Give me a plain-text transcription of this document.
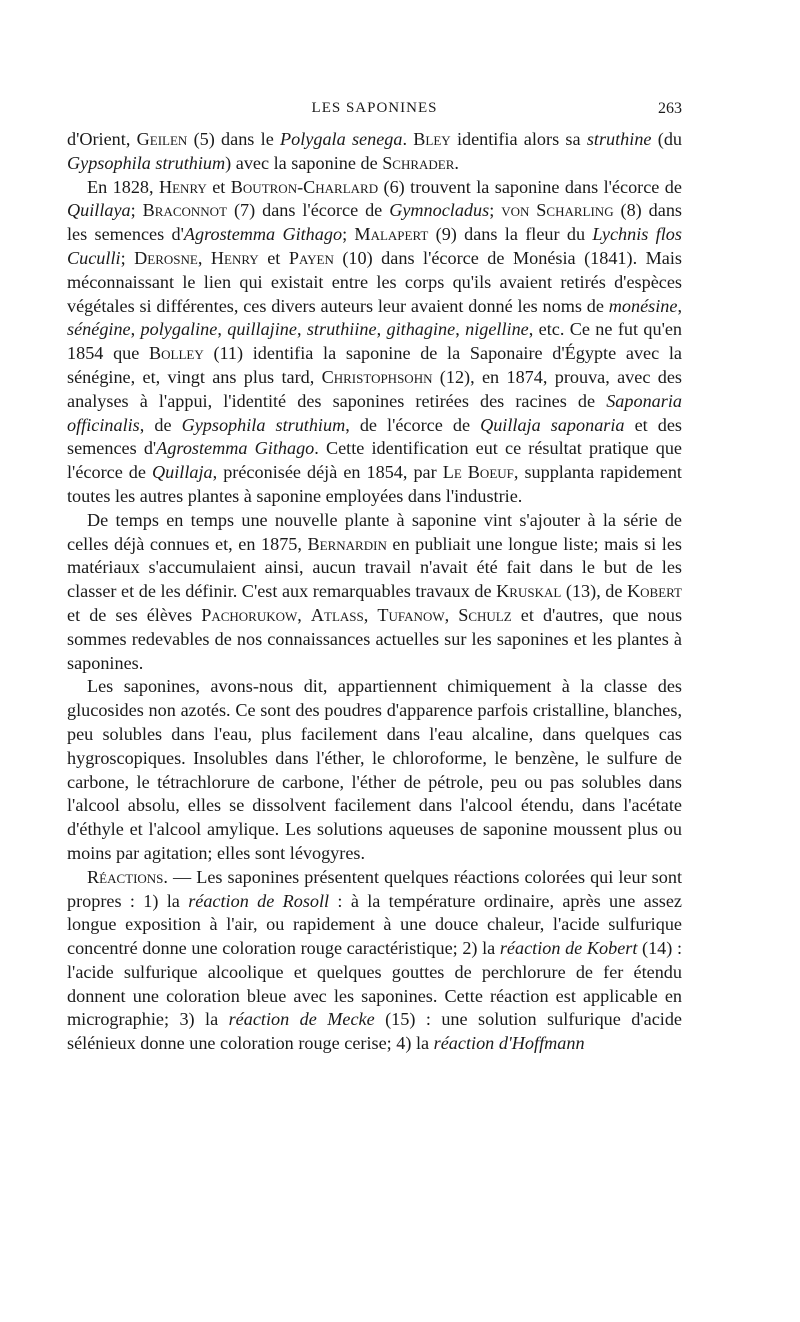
LES SAPONINES	263

d'Orient, Geilen (5) dans le Polygala senega. Bley identifia alors sa struthine (du Gypsophila struthium) avec la saponine de Schrader.

En 1828, Henry et Boutron-Charlard (6) trouvent la saponine dans l'écorce de Quillaya; Braconnot (7) dans l'écorce de Gymnocladus; von Scharling (8) dans les semences d'Agrostemma Githago; Malapert (9) dans la fleur du Lychnis flos Cuculli; Derosne, Henry et Payen (10) dans l'écorce de Monésia (1841). Mais méconnaissant le lien qui existait entre les corps qu'ils avaient retirés d'espèces végétales si différentes, ces divers auteurs leur avaient donné les noms de monésine, sénégine, polygaline, quillajine, struthiine, githagine, nigelline, etc. Ce ne fut qu'en 1854 que Bolley (11) identifia la saponine de la Saponaire d'Égypte avec la sénégine, et, vingt ans plus tard, Christophsohn (12), en 1874, prouva, avec des analyses à l'appui, l'identité des saponines retirées des racines de Saponaria officinalis, de Gypsophila struthium, de l'écorce de Quillaja saponaria et des semences d'Agrostemma Githago. Cette identification eut ce résultat pratique que l'écorce de Quillaja, préconisée déjà en 1854, par Le Boeuf, supplanta rapidement toutes les autres plantes à saponine employées dans l'industrie.

De temps en temps une nouvelle plante à saponine vint s'ajouter à la série de celles déjà connues et, en 1875, Bernardin en publiait une longue liste; mais si les matériaux s'accumulaient ainsi, aucun travail n'avait été fait dans le but de les classer et de les définir. C'est aux remarquables travaux de Kruskal (13), de Kobert et de ses élèves Pachorukow, Atlass, Tufanow, Schulz et d'autres, que nous sommes redevables de nos connaissances actuelles sur les saponines et les plantes à saponines.

Les saponines, avons-nous dit, appartiennent chimiquement à la classe des glucosides non azotés. Ce sont des poudres d'apparence parfois cristalline, blanches, peu solubles dans l'eau, plus facilement dans l'eau alcaline, dans quelques cas hygroscopiques. Insolubles dans l'éther, le chloroforme, le benzène, le sulfure de carbone, le tétrachlorure de carbone, l'éther de pétrole, peu ou pas solubles dans l'alcool absolu, elles se dissolvent facilement dans l'alcool étendu, dans l'acétate d'éthyle et l'alcool amylique. Les solutions aqueuses de saponine moussent plus ou moins par agitation; elles sont lévogyres.

Réactions. — Les saponines présentent quelques réactions colorées qui leur sont propres : 1) la réaction de Rosoll : à la température ordinaire, après une assez longue exposition à l'air, ou rapidement à une douce chaleur, l'acide sulfurique concentré donne une coloration rouge caractéristique; 2) la réaction de Kobert (14) : l'acide sulfurique alcoolique et quelques gouttes de perchlorure de fer étendu donnent une coloration bleue avec les saponines. Cette réaction est applicable en micrographie; 3) la réaction de Mecke (15) : une solution sulfurique d'acide sélénieux donne une coloration rouge cerise; 4) la réaction d'Hoffmann
